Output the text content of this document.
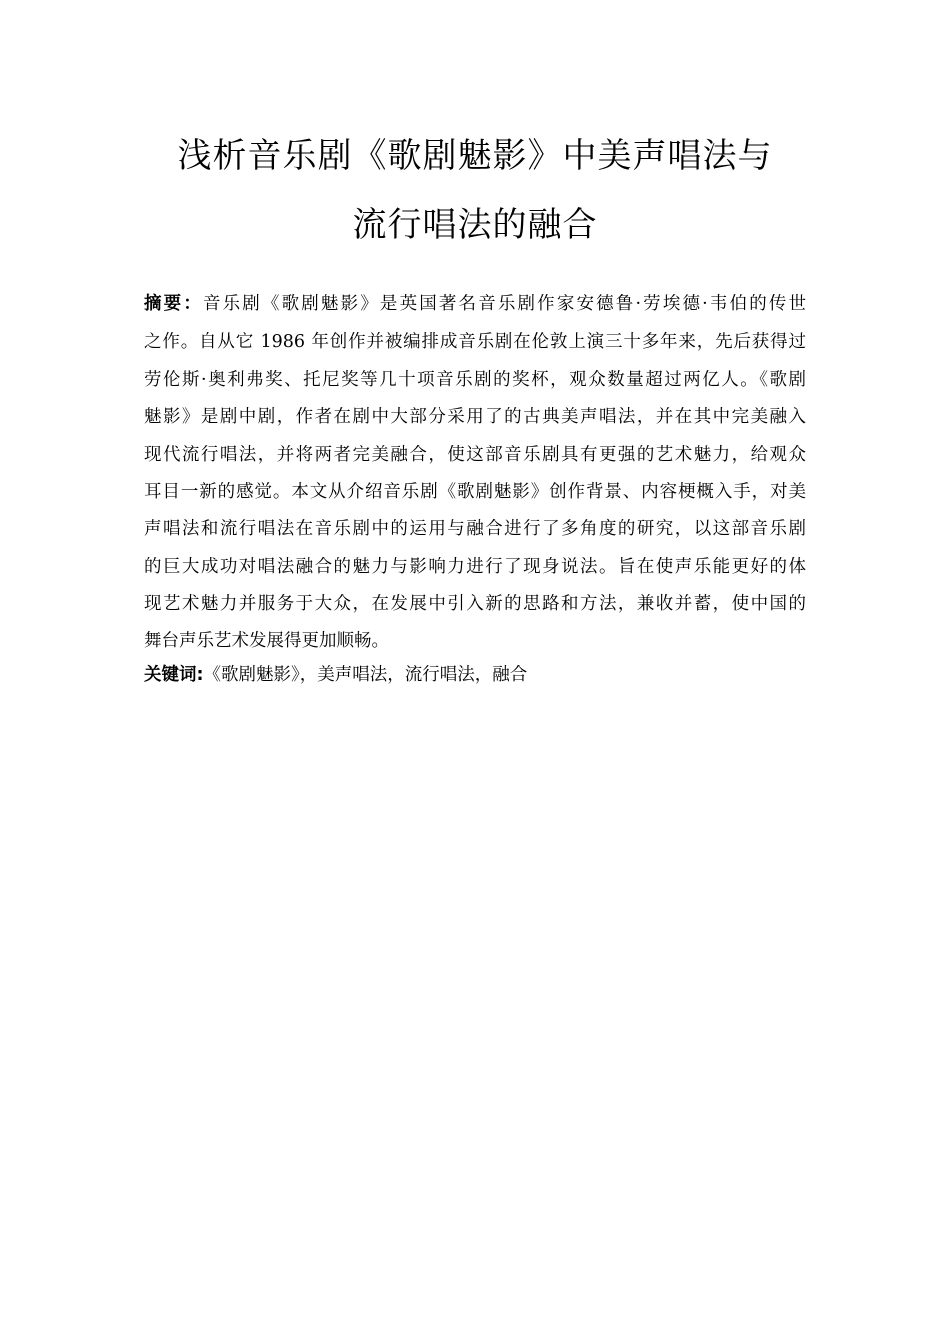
浅析音乐剧《歌剧魅影》中美声唱法与
流行唱法的融合

摘要：音乐剧《歌剧魅影》是英国著名音乐剧作家安德鲁·劳埃德·韦伯的传世

之作。自从它 1986 年创作并被编排成音乐剧在伦敦上演三十多年来，先后获得过

劳伦斯·奥利弗奖、托尼奖等几十项音乐剧的奖杯，观众数量超过两亿人。《歌剧

魅影》是剧中剧，作者在剧中大部分采用了的古典美声唱法，并在其中完美融入

现代流行唱法，并将两者完美融合，使这部音乐剧具有更强的艺术魅力，给观众

耳目一新的感觉。本文从介绍音乐剧《歌剧魅影》创作背景、内容梗概入手，对美

声唱法和流行唱法在音乐剧中的运用与融合进行了多角度的研究，以这部音乐剧

的巨大成功对唱法融合的魅力与影响力进行了现身说法。旨在使声乐能更好的体

现艺术魅力并服务于大众，在发展中引入新的思路和方法，兼收并蓄，使中国的

舞台声乐艺术发展得更加顺畅。

关键词:《歌剧魅影》，美声唱法，流行唱法，融合
